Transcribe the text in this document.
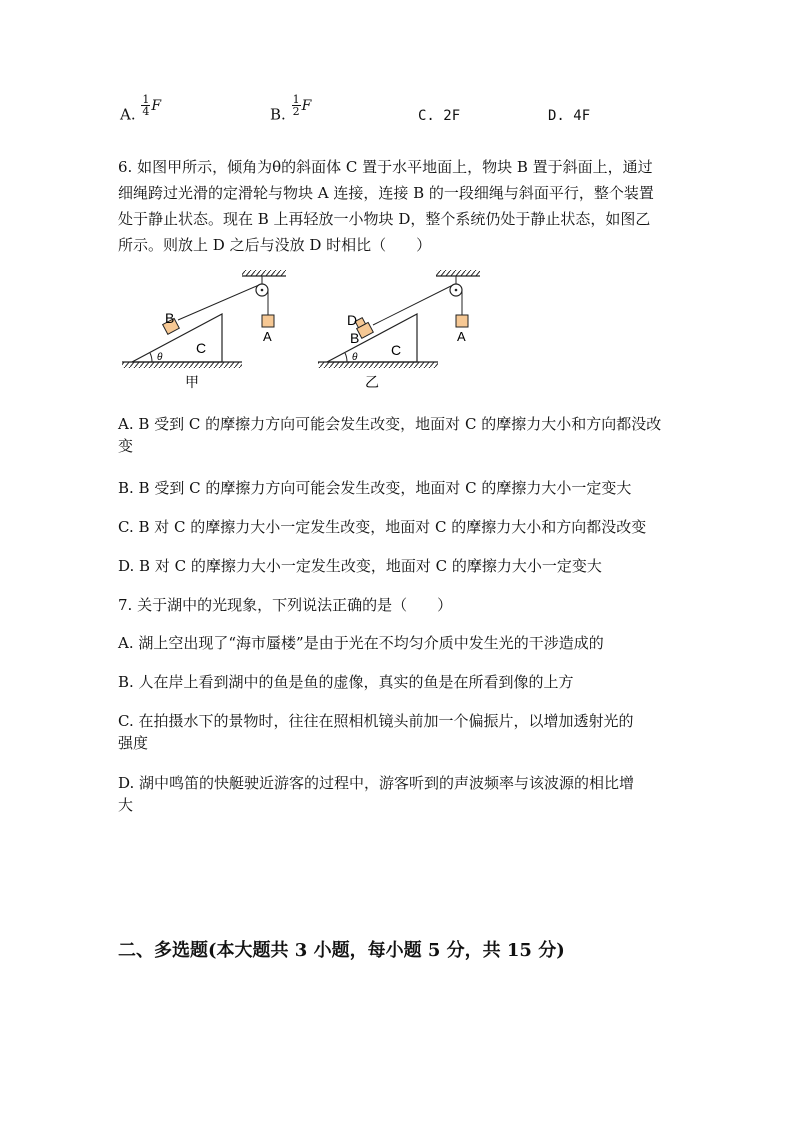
A. $\frac{1}{4}$ F	B. $\frac{1}{2}$ F
C. 2F	D. 4F
6. 如图甲所示，倾角为θ的斜面体 C 置于水平地面上，物块 B 置于斜面上，通过
细绳跨过光滑的定滑轮与物块 A 连接，连接 B 的一段细绳与斜面平行，整个装置
处于静止状态。现在 B 上再轻放一小物块 D，整个系统仍处于静止状态，如图乙
所示。则放上 D 之后与没放 D 时相比（　　）
B
C
A
θ
甲
D
B
C
A
θ
乙
A. B 受到 C 的摩擦力方向可能会发生改变，地面对 C 的摩擦力大小和方向都没改
变
B. B 受到 C 的摩擦力方向可能会发生改变，地面对 C 的摩擦力大小一定变大
C. B 对 C 的摩擦力大小一定发生改变，地面对 C 的摩擦力大小和方向都没改变
D. B 对 C 的摩擦力大小一定发生改变，地面对 C 的摩擦力大小一定变大
7. 关于湖中的光现象，下列说法正确的是（　　）
A. 湖上空出现了“海市蜃楼”是由于光在不均匀介质中发生光的干涉造成的
B. 人在岸上看到湖中的鱼是鱼的虚像，真实的鱼是在所看到像的上方
C. 在拍摄水下的景物时，往往在照相机镜头前加一个偏振片，以增加透射光的
强度
D. 湖中鸣笛的快艇驶近游客的过程中，游客听到的声波频率与该波源的相比增
大
二、多选题(本大题共 3 小题，每小题 5 分，共 15 分)
